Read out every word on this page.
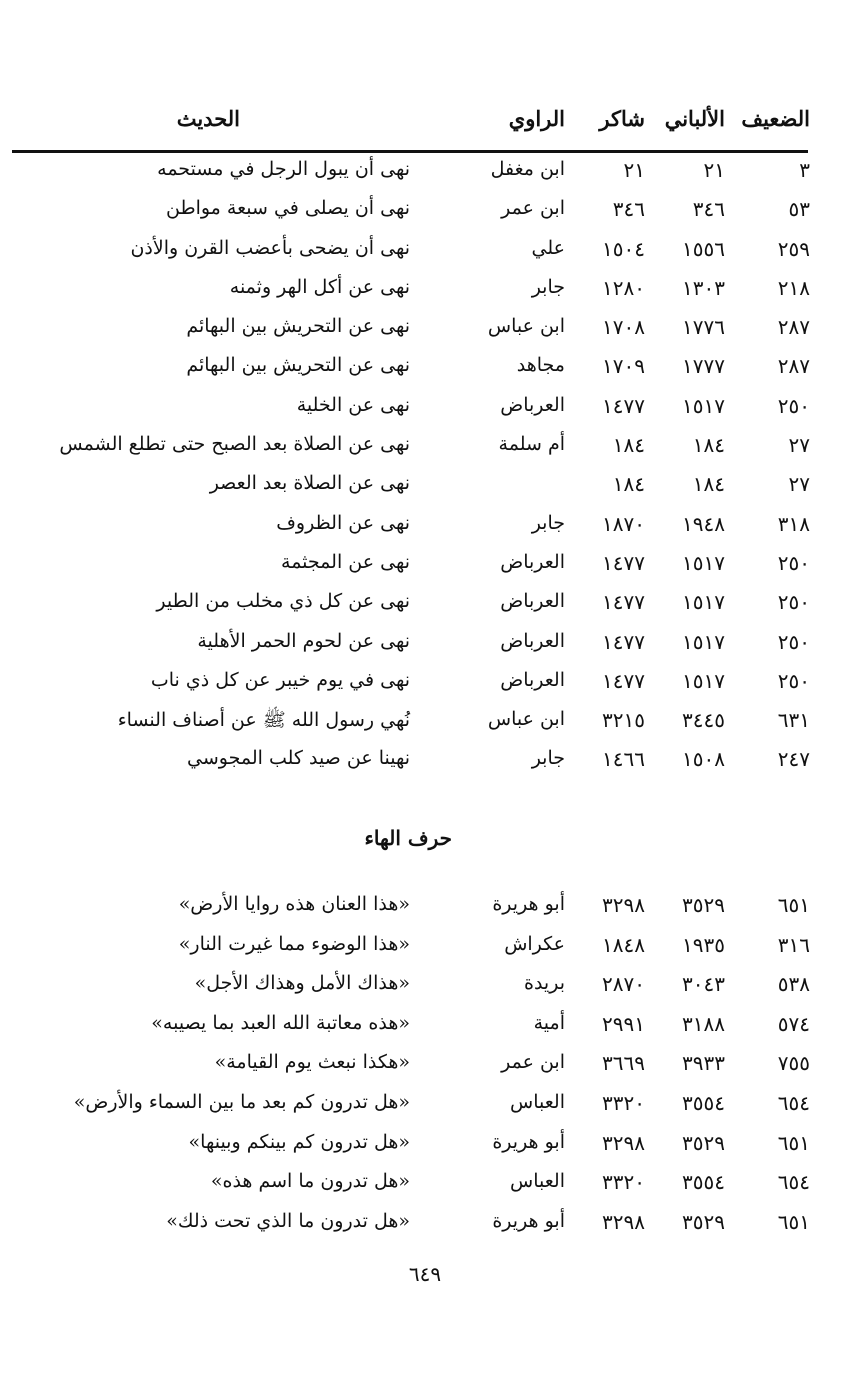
الضعيف
الألباني
شاكر
الراوي
الحديث
٣
٢١
٢١
ابن مغفل
نهى أن يبول الرجل في مستحمه
٥٣
٣٤٦
٣٤٦
ابن عمر
نهى أن يصلى في سبعة مواطن
٢٥٩
١٥٥٦
١٥٠٤
علي
نهى أن يضحى بأعضب القرن والأذن
٢١٨
١٣٠٣
١٢٨٠
جابر
نهى عن أكل الهر وثمنه
٢٨٧
١٧٧٦
١٧٠٨
ابن عباس
نهى عن التحريش بين البهائم
٢٨٧
١٧٧٧
١٧٠٩
مجاهد
نهى عن التحريش بين البهائم
٢٥٠
١٥١٧
١٤٧٧
العرباض
نهى عن الخلية
٢٧
١٨٤
١٨٤
أم سلمة
نهى عن الصلاة بعد الصبح حتى تطلع الشمس
٢٧
١٨٤
١٨٤
نهى عن الصلاة بعد العصر
٣١٨
١٩٤٨
١٨٧٠
جابر
نهى عن الظروف
٢٥٠
١٥١٧
١٤٧٧
العرباض
نهى عن المجثمة
٢٥٠
١٥١٧
١٤٧٧
العرباض
نهى عن كل ذي مخلب من الطير
٢٥٠
١٥١٧
١٤٧٧
العرباض
نهى عن لحوم الحمر الأهلية
٢٥٠
١٥١٧
١٤٧٧
العرباض
نهى في يوم خيبر عن كل ذي ناب
٦٣١
٣٤٤٥
٣٢١٥
ابن عباس
نُهي رسول الله ﷺ عن أصناف النساء
٢٤٧
١٥٠٨
١٤٦٦
جابر
نهينا عن صيد كلب المجوسي
حرف الهاء
٦٥١
٣٥٢٩
٣٢٩٨
أبو هريرة
«هذا العنان هذه روايا الأرض»
٣١٦
١٩٣٥
١٨٤٨
عكراش
«هذا الوضوء مما غيرت النار»
٥٣٨
٣٠٤٣
٢٨٧٠
بريدة
«هذاك الأمل وهذاك الأجل»
٥٧٤
٣١٨٨
٢٩٩١
أمية
«هذه معاتبة الله العبد بما يصيبه»
٧٥٥
٣٩٣٣
٣٦٦٩
ابن عمر
«هكذا نبعث يوم القيامة»
٦٥٤
٣٥٥٤
٣٣٢٠
العباس
«هل تدرون كم بعد ما بين السماء والأرض»
٦٥١
٣٥٢٩
٣٢٩٨
أبو هريرة
«هل تدرون كم بينكم وبينها»
٦٥٤
٣٥٥٤
٣٣٢٠
العباس
«هل تدرون ما اسم هذه»
٦٥١
٣٥٢٩
٣٢٩٨
أبو هريرة
«هل تدرون ما الذي تحت ذلك»
٦٤٩
